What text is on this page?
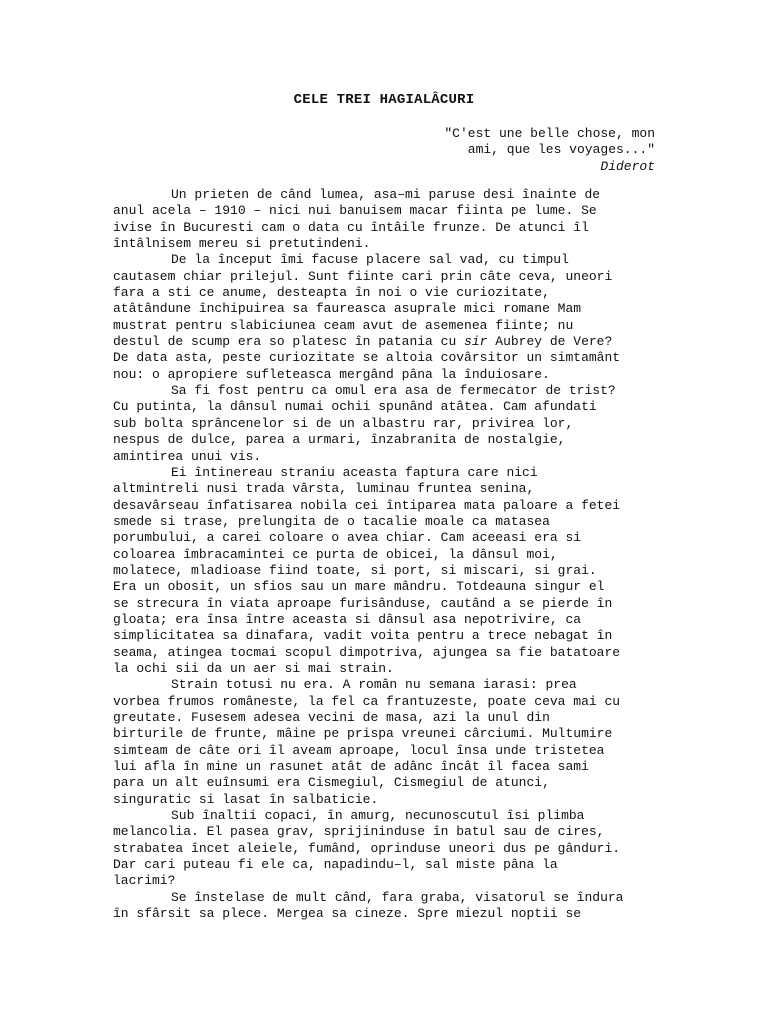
CELE TREI HAGIALÂCURI
"C'est une belle chose, mon
ami, que les voyages..."
Diderot
Un prieten de când lumea, asa–mi paruse desi înainte de
anul acela – 1910 – nici nui banuisem macar fiinta pe lume. Se
ivise în Bucuresti cam o data cu întâile frunze. De atunci îl
întâlnisem mereu si pretutindeni.
De la început îmi facuse placere sal vad, cu timpul
cautasem chiar prilejul. Sunt fiinte cari prin câte ceva, uneori
fara a sti ce anume, desteapta în noi o vie curiozitate,
atâtândune închipuirea sa faureasca asuprale mici romane Mam
mustrat pentru slabiciunea ceam avut de asemenea fiinte; nu
destul de scump era so platesc în patania cu sir Aubrey de Vere?
De data asta, peste curiozitate se altoia covârsitor un simtamânt
nou: o apropiere sufleteasca mergând pâna la înduiosare.
Sa fi fost pentru ca omul era asa de fermecator de trist?
Cu putinta, la dânsul numai ochii spunând atâtea. Cam afundati
sub bolta sprâncenelor si de un albastru rar, privirea lor,
nespus de dulce, parea a urmari, înzabranita de nostalgie,
amintirea unui vis.
Ei întinereau straniu aceasta faptura care nici
altmintreli nusi trada vârsta, luminau fruntea senina,
desavârseau înfatisarea nobila cei întiparea mata paloare a fetei
smede si trase, prelungita de o tacalie moale ca matasea
porumbului, a carei coloare o avea chiar. Cam aceeasi era si
coloarea îmbracamintei ce purta de obicei, la dânsul moi,
molatece, mladioase fiind toate, si port, si miscari, si grai.
Era un obosit, un sfios sau un mare mândru. Totdeauna singur el
se strecura în viata aproape furisânduse, cautând a se pierde în
gloata; era însa între aceasta si dânsul asa nepotrivire, ca
simplicitatea sa dinafara, vadit voita pentru a trece nebagat în
seama, atingea tocmai scopul dimpotriva, ajungea sa fie batatoare
la ochi sii da un aer si mai strain.
Strain totusi nu era. A român nu semana iarasi: prea
vorbea frumos româneste, la fel ca frantuzeste, poate ceva mai cu
greutate. Fusesem adesea vecini de masa, azi la unul din
birturile de frunte, mâine pe prispa vreunei cârciumi. Multumire
simteam de câte ori îl aveam aproape, locul însa unde tristetea
lui afla în mine un rasunet atât de adânc încât îl facea sami
para un alt euînsumi era Cismegiul, Cismegiul de atunci,
singuratic si lasat în salbaticie.
Sub înaltii copaci, în amurg, necunoscutul îsi plimba
melancolia. El pasea grav, sprijininduse în batul sau de cires,
strabatea încet aleiele, fumând, oprinduse uneori dus pe gânduri.
Dar cari puteau fi ele ca, napadindu–l, sal miste pâna la
lacrimi?
Se înstelase de mult când, fara graba, visatorul se îndura
în sfârsit sa plece. Mergea sa cineze. Spre miezul noptii se
